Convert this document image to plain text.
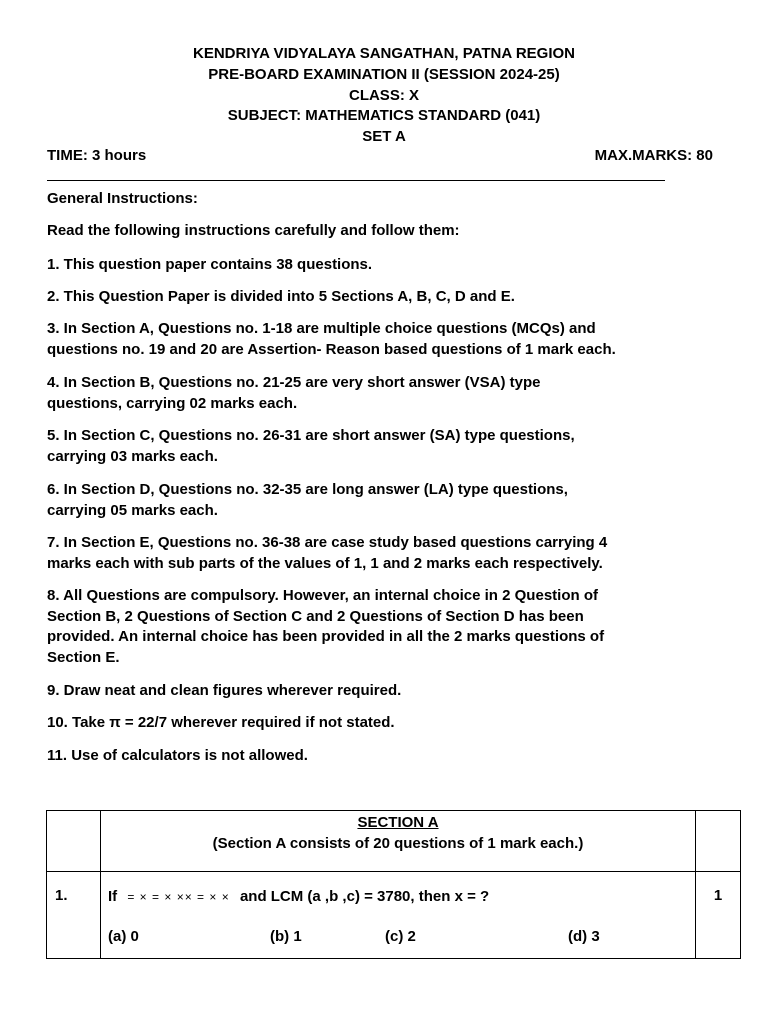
KENDRIYA VIDYALAYA SANGATHAN, PATNA REGION
PRE-BOARD EXAMINATION II (SESSION 2024-25)
CLASS: X
SUBJECT: MATHEMATICS STANDARD (041)
SET A
TIME: 3 hours	MAX.MARKS: 80

General Instructions:

Read the following instructions carefully and follow them:

1. This question paper contains 38 questions.

2. This Question Paper is divided into 5 Sections A, B, C, D and E.

3. In Section A, Questions no. 1-18 are multiple choice questions (MCQs) and

questions no. 19 and 20 are Assertion- Reason based questions of 1 mark each.

4. In Section B, Questions no. 21-25 are very short answer (VSA) type

questions, carrying 02 marks each.

5. In Section C, Questions no. 26-31 are short answer (SA) type questions,

carrying 03 marks each.

6. In Section D, Questions no. 32-35 are long answer (LA) type questions,

carrying 05 marks each.

7. In Section E, Questions no. 36-38 are case study based questions carrying 4

marks each with sub parts of the values of 1, 1 and 2 marks each respectively.

8. All Questions are compulsory. However, an internal choice in 2 Question of

Section B, 2 Questions of Section C and 2 Questions of Section D has been

provided. An internal choice has been provided in all the 2 marks questions of

Section E.

9. Draw neat and clean figures wherever required.

10. Take π = 22/7 wherever required if not stated.

11. Use of calculators is not allowed.

	SECTION A
(Section A consists of 20 questions of 1 mark each.)	

1.	If = × = × ×× = × × and LCM (a ,b ,c) = 3780, then x = ?
(a) 0 (b) 1 (c) 2 (d) 3	1
